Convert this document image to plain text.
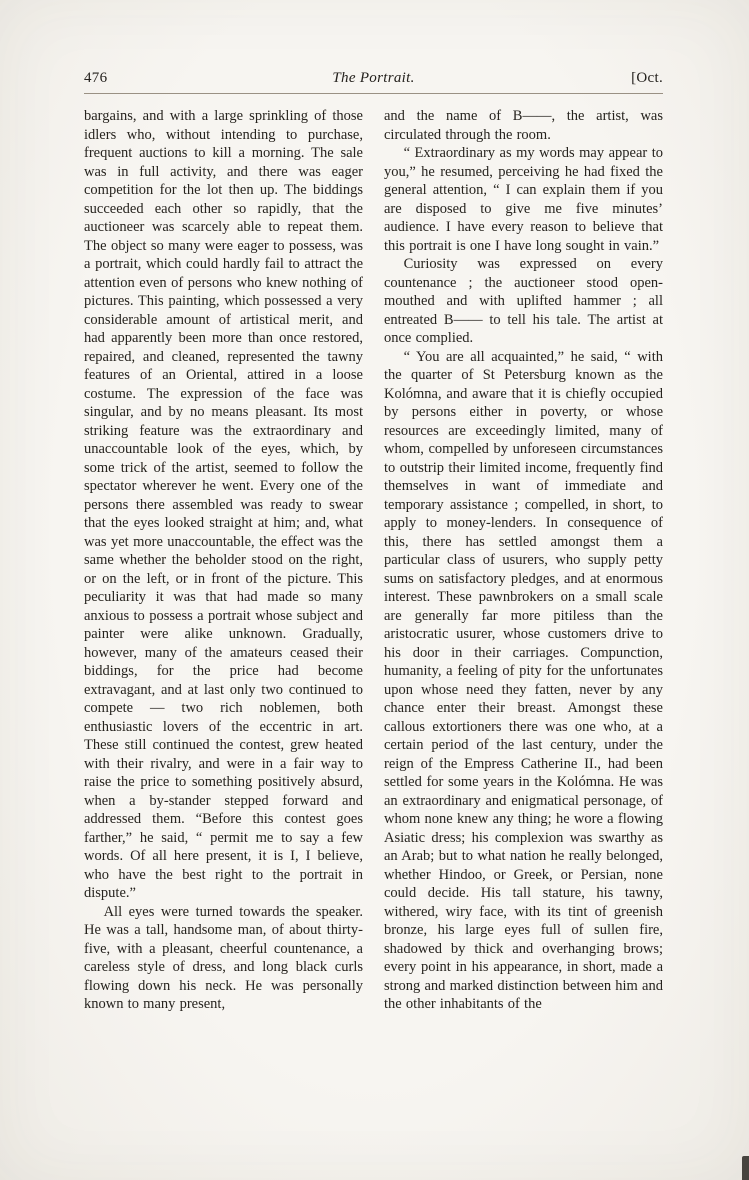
476	The Portrait.	[Oct.

bargains, and with a large sprinkling of those idlers who, without intending to purchase, frequent auctions to kill a morning. The sale was in full activity, and there was eager competition for the lot then up. The biddings succeeded each other so rapidly, that the auctioneer was scarcely able to repeat them. The object so many were eager to possess, was a portrait, which could hardly fail to attract the attention even of persons who knew nothing of pictures. This painting, which possessed a very considerable amount of artistical merit, and had apparently been more than once restored, repaired, and cleaned, represented the tawny features of an Oriental, attired in a loose costume. The expression of the face was singular, and by no means pleasant. Its most striking feature was the extraordinary and unaccountable look of the eyes, which, by some trick of the artist, seemed to follow the spectator wherever he went. Every one of the persons there assembled was ready to swear that the eyes looked straight at him; and, what was yet more unaccountable, the effect was the same whether the beholder stood on the right, or on the left, or in front of the picture. This peculiarity it was that had made so many anxious to possess a portrait whose subject and painter were alike unknown. Gradually, however, many of the amateurs ceased their biddings, for the price had become extravagant, and at last only two continued to compete — two rich noblemen, both enthusiastic lovers of the eccentric in art. These still continued the contest, grew heated with their rivalry, and were in a fair way to raise the price to something positively absurd, when a by-stander stepped forward and addressed them. “Before this contest goes farther,” he said, “ permit me to say a few words. Of all here present, it is I, I believe, who have the best right to the portrait in dispute.”

All eyes were turned towards the speaker. He was a tall, handsome man, of about thirty-five, with a pleasant, cheerful countenance, a careless style of dress, and long black curls flowing down his neck. He was personally known to many present,

and the name of B——, the artist, was circulated through the room.

“ Extraordinary as my words may appear to you,” he resumed, perceiving he had fixed the general attention, “ I can explain them if you are disposed to give me five minutes’ audience. I have every reason to believe that this portrait is one I have long sought in vain.”

Curiosity was expressed on every countenance ; the auctioneer stood open-mouthed and with uplifted hammer ; all entreated B—— to tell his tale. The artist at once complied.

“ You are all acquainted,” he said, “ with the quarter of St Petersburg known as the Kolómna, and aware that it is chiefly occupied by persons either in poverty, or whose resources are exceedingly limited, many of whom, compelled by unforeseen circumstances to outstrip their limited income, frequently find themselves in want of immediate and temporary assistance ; compelled, in short, to apply to money-lenders. In consequence of this, there has settled amongst them a particular class of usurers, who supply petty sums on satisfactory pledges, and at enormous interest. These pawnbrokers on a small scale are generally far more pitiless than the aristocratic usurer, whose customers drive to his door in their carriages. Compunction, humanity, a feeling of pity for the unfortunates upon whose need they fatten, never by any chance enter their breast. Amongst these callous extortioners there was one who, at a certain period of the last century, under the reign of the Empress Catherine II., had been settled for some years in the Kolómna. He was an extraordinary and enigmatical personage, of whom none knew any thing; he wore a flowing Asiatic dress; his complexion was swarthy as an Arab; but to what nation he really belonged, whether Hindoo, or Greek, or Persian, none could decide. His tall stature, his tawny, withered, wiry face, with its tint of greenish bronze, his large eyes full of sullen fire, shadowed by thick and overhanging brows; every point in his appearance, in short, made a strong and marked distinction between him and the other inhabitants of the
